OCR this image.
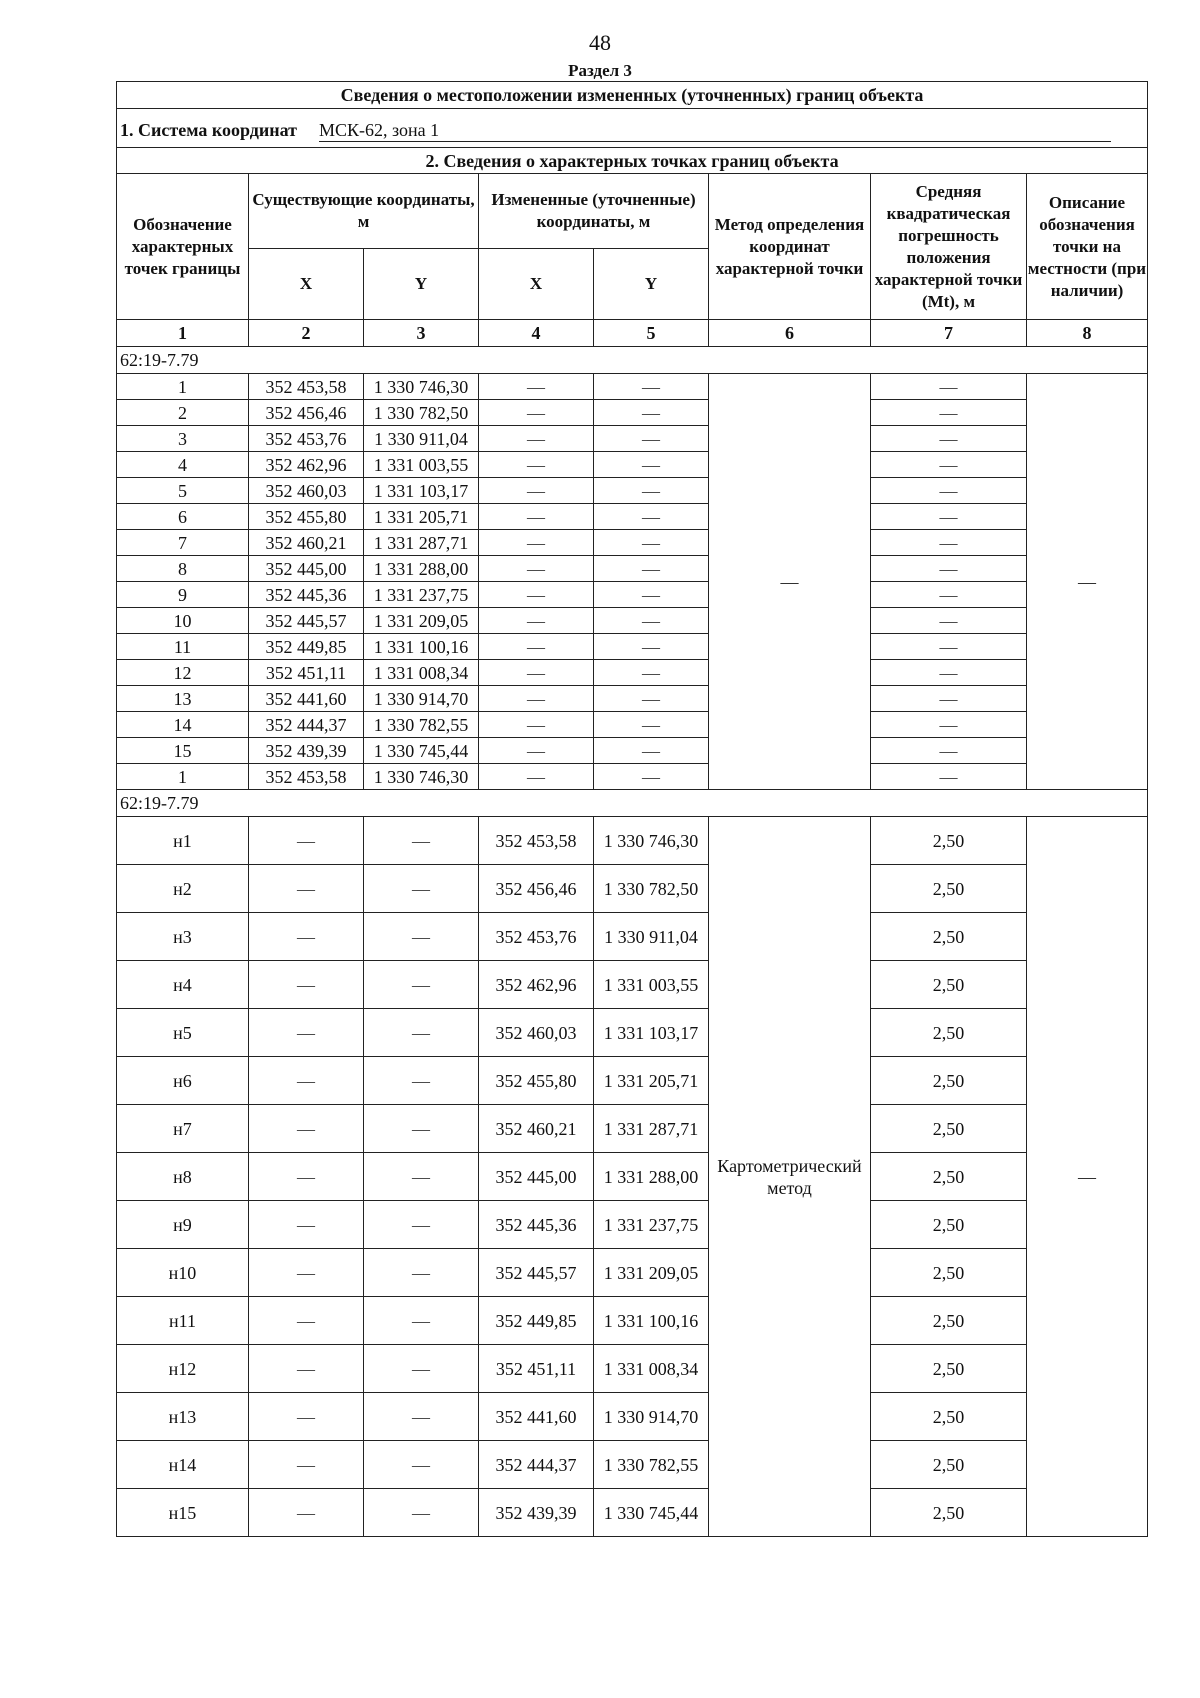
48
Раздел 3
Сведения о местоположении измененных (уточненных) границ объекта							
1. Система координат МСК-62, зона 1							
2. Сведения о характерных точках границ объекта							
Обозначение характерных точек границы	Существующие координаты, м		Измененные (уточненные) координаты, м		Метод определения координат характерной точки	Средняя квадратическая погрешность положения характерной точки (Mt), м	Описание обозначения точки на местности (при наличии)
	X	Y	X	Y			
1	2	3	4	5	6	7	8
62:19-7.79							
1	352 453,58	1 330 746,30	—	—	—	—	—
2	352 456,46	1 330 782,50	—	—		—	
3	352 453,76	1 330 911,04	—	—		—	
4	352 462,96	1 331 003,55	—	—		—	
5	352 460,03	1 331 103,17	—	—		—	
6	352 455,80	1 331 205,71	—	—		—	
7	352 460,21	1 331 287,71	—	—		—	
8	352 445,00	1 331 288,00	—	—		—	
9	352 445,36	1 331 237,75	—	—		—	
10	352 445,57	1 331 209,05	—	—		—	
11	352 449,85	1 331 100,16	—	—		—	
12	352 451,11	1 331 008,34	—	—		—	
13	352 441,60	1 330 914,70	—	—		—	
14	352 444,37	1 330 782,55	—	—		—	
15	352 439,39	1 330 745,44	—	—		—	
1	352 453,58	1 330 746,30	—	—		—	
62:19-7.79							
н1	—	—	352 453,58	1 330 746,30	Картометрический метод	2,50	—
н2	—	—	352 456,46	1 330 782,50		2,50	
н3	—	—	352 453,76	1 330 911,04		2,50	
н4	—	—	352 462,96	1 331 003,55		2,50	
н5	—	—	352 460,03	1 331 103,17		2,50	
н6	—	—	352 455,80	1 331 205,71		2,50	
н7	—	—	352 460,21	1 331 287,71		2,50	
н8	—	—	352 445,00	1 331 288,00		2,50	
н9	—	—	352 445,36	1 331 237,75		2,50	
н10	—	—	352 445,57	1 331 209,05		2,50	
н11	—	—	352 449,85	1 331 100,16		2,50	
н12	—	—	352 451,11	1 331 008,34		2,50	
н13	—	—	352 441,60	1 330 914,70		2,50	
н14	—	—	352 444,37	1 330 782,55		2,50	
н15	—	—	352 439,39	1 330 745,44		2,50	
